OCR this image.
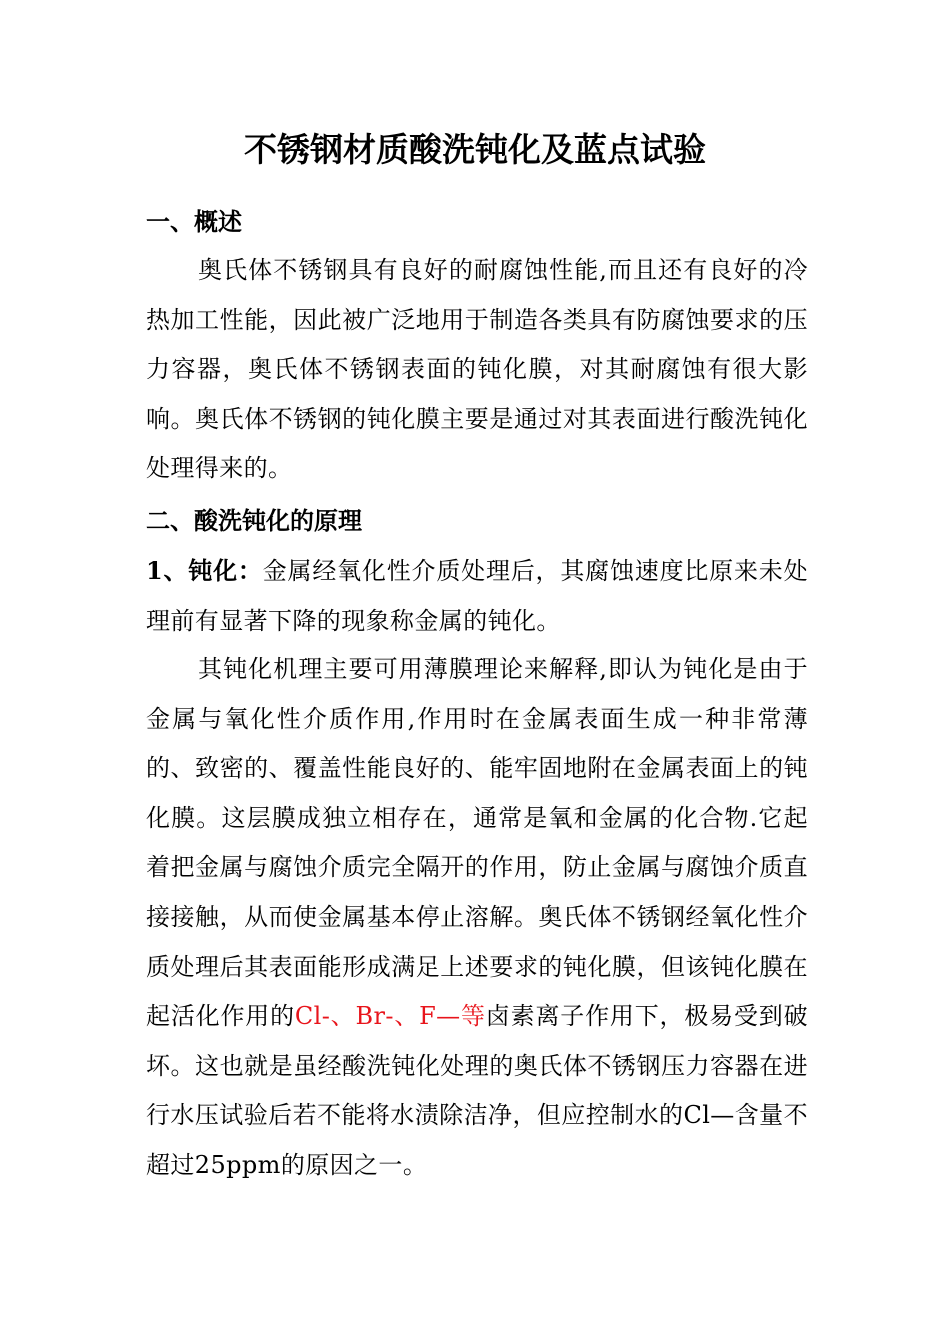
不锈钢材质酸洗钝化及蓝点试验
一、概述

奥氏体不锈钢具有良好的耐腐蚀性能,而且还有良好的冷热加工性能，因此被广泛地用于制造各类具有防腐蚀要求的压力容器，奥氏体不锈钢表面的钝化膜，对其耐腐蚀有很大影响。奥氏体不锈钢的钝化膜主要是通过对其表面进行酸洗钝化处理得来的。

二、酸洗钝化的原理

1、钝化：金属经氧化性介质处理后，其腐蚀速度比原来未处理前有显著下降的现象称金属的钝化。

其钝化机理主要可用薄膜理论来解释,即认为钝化是由于金属与氧化性介质作用,作用时在金属表面生成一种非常薄的、致密的、覆盖性能良好的、能牢固地附在金属表面上的钝化膜。这层膜成独立相存在，通常是氧和金属的化合物.它起着把金属与腐蚀介质完全隔开的作用，防止金属与腐蚀介质直接接触，从而使金属基本停止溶解。奥氏体不锈钢经氧化性介质处理后其表面能形成满足上述要求的钝化膜，但该钝化膜在起活化作用的Cl-、Br-、F—等卤素离子作用下，极易受到破坏。这也就是虽经酸洗钝化处理的奥氏体不锈钢压力容器在进行水压试验后若不能将水渍除洁净，但应控制水的Cl—含量不超过25ppm的原因之一。
